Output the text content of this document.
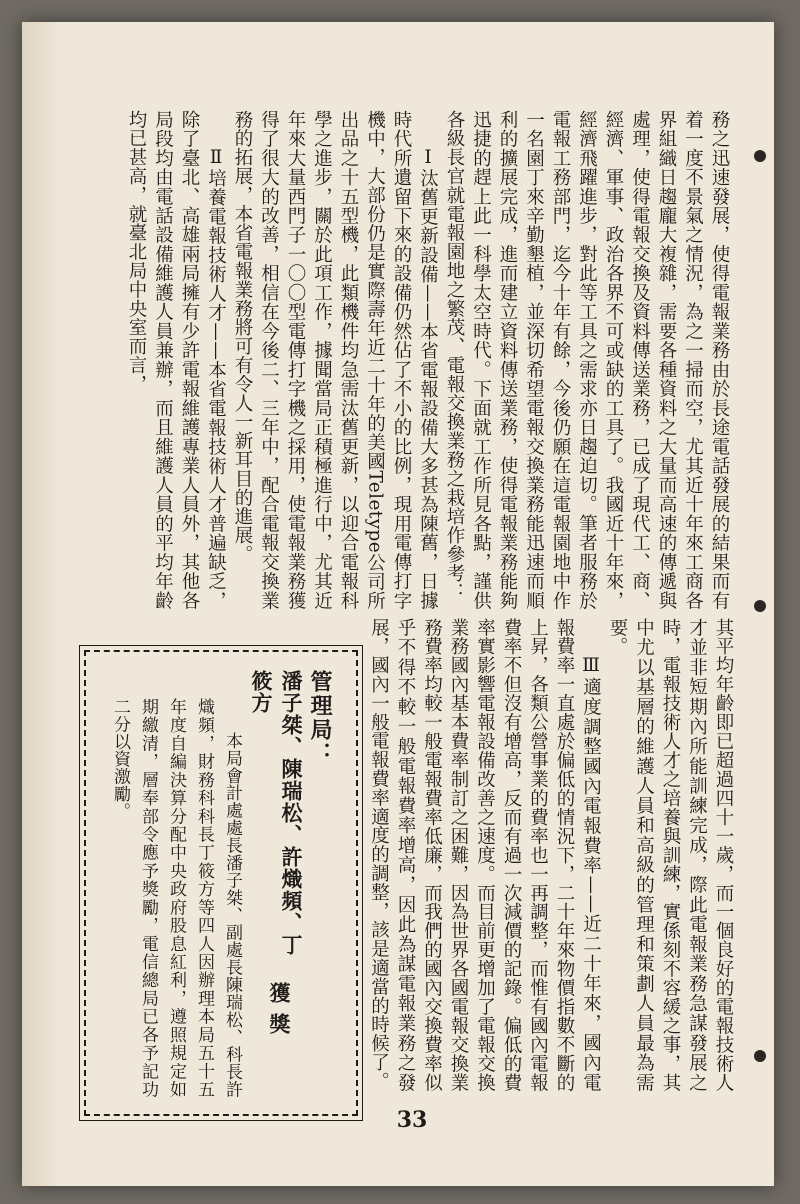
務之迅速發展，使得電報業務由於長途電話發展的結果而有着一度不景氣之情況，為之一掃而空，尤其近十年來工商各界組織日趨龐大複雜，需要各種資料之大量而高速的傳遞與處理，使得電報交換及資料傳送業務，已成了現代工、商、經濟、軍事、政治各界不可或缺的工具了。我國近十年來，經濟飛躍進步，對此等工具之需求亦日趨迫切。筆者服務於電報工務部門，迄今十年有餘，今後仍願在這電報園地中作一名園丁來辛勤墾植，並深切希望電報交換業務能迅速而順利的擴展完成，進而建立資料傳送業務，使得電報業務能夠迅捷的趕上此一科學太空時代。下面就工作所見各點，謹供各級長官就電報園地之繁茂、電報交換業務之栽培作參考：

Ⅰ汰舊更新設備——本省電報設備大多甚為陳舊，日據時代所遺留下來的設備仍然佔了不小的比例，現用電傳打字機中，大部份仍是實際壽年近二十年的美國Teletype公司所出品之十五型機，此類機件均急需汰舊更新，以迎合電報科學之進步，關於此項工作，據聞當局正積極進行中，尤其近年來大量西門子一〇〇型電傳打字機之採用，使電報業務獲得了很大的改善，相信在今後二、三年中，配合電報交換業務的拓展，本省電報業務將可有令人一新耳目的進展。

Ⅱ培養電報技術人才——本省電報技術人才普遍缺乏，除了臺北、高雄兩局擁有少許電報維護專業人員外，其他各局段均由電話設備維護人員兼辦，而且維護人員的平均年齡均已甚高，就臺北局中央室而言，

其平均年齡即已超過四十一歲，而一個良好的電報技術人才並非短期內所能訓練完成，際此電報業務急謀發展之時，電報技術人才之培養與訓練，實係刻不容緩之事，其中尤以基層的維護人員和高級的管理和策劃人員最為需要。

Ⅲ適度調整國內電報費率——近二十年來，國內電報費率一直處於偏低的情況下，二十年來物價指數不斷的上昇，各類公營事業的費率也一再調整，而惟有國內電報費率不但沒有增高，反而有過一次減價的記錄。偏低的費率實影響電報設備改善之速度。而目前更增加了電報交換業務國內基本費率制訂之困難，因為世界各國電報交換業務費率均較一般電報費率低廉，而我們的國內交換費率似乎不得不較一般電報費率增高，因此為謀電報業務之發展，國內一般電報費率適度的調整，該是適當的時候了。

管理局：

潘子桀、陳瑞松、許熾頻、丁筱方

獲獎

本局會計處處長潘子桀、副處長陳瑞松、科長許熾頻，財務科科長丁筱方等四人因辦理本局五十五年度自編決算分配中央政府股息紅利，遵照規定如期繳清，層奉部令應予獎勵，電信總局已各予記功二分以資激勵。

33
